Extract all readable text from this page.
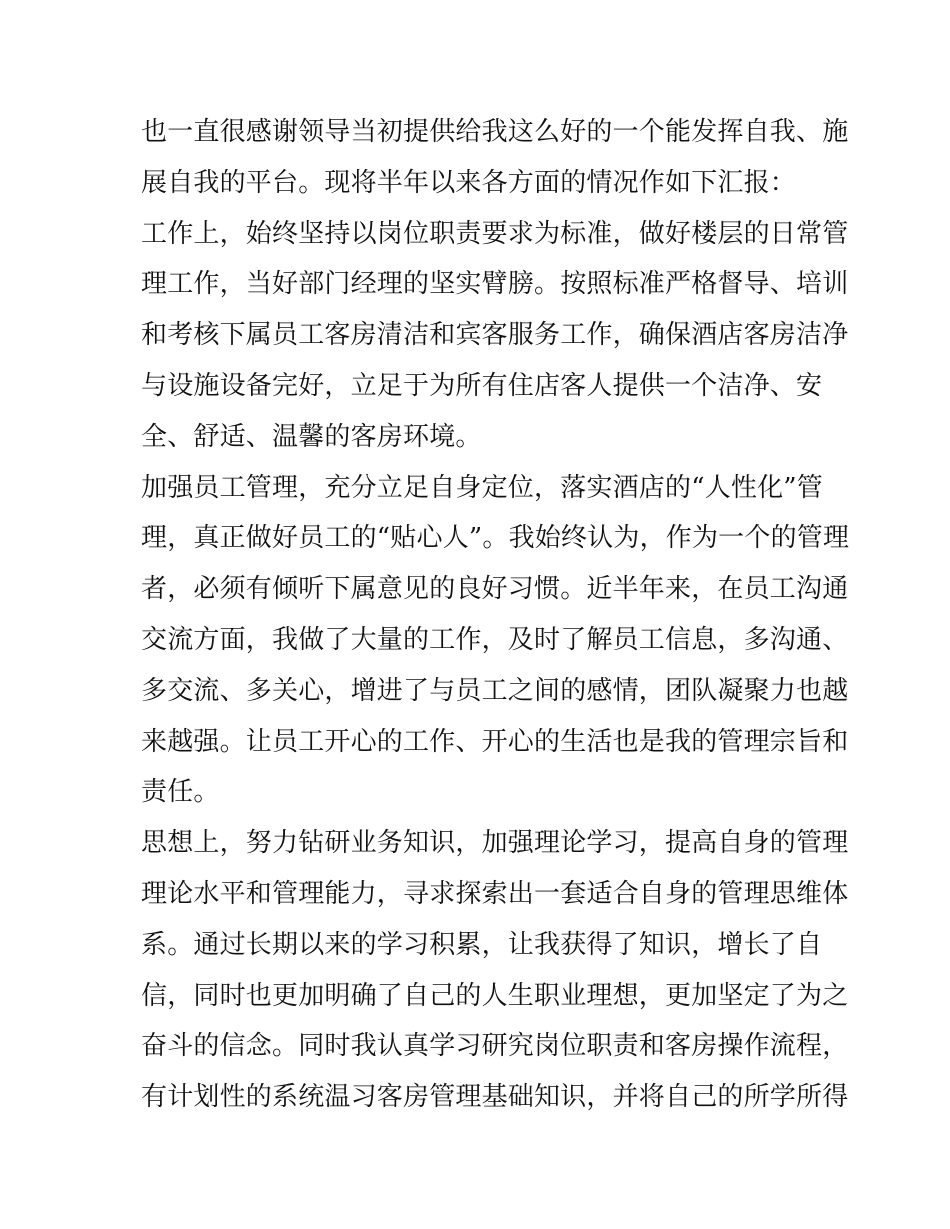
也一直很感谢领导当初提供给我这么好的一个能发挥自我、施
展自我的平台。现将半年以来各方面的情况作如下汇报：
工作上，始终坚持以岗位职责要求为标准，做好楼层的日常管
理工作，当好部门经理的坚实臂膀。按照标准严格督导、培训
和考核下属员工客房清洁和宾客服务工作，确保酒店客房洁净
与设施设备完好，立足于为所有住店客人提供一个洁净、安
全、舒适、温馨的客房环境。
加强员工管理，充分立足自身定位，落实酒店的“人性化”管
理，真正做好员工的“贴心人”。我始终认为，作为一个的管理
者，必须有倾听下属意见的良好习惯。近半年来，在员工沟通
交流方面，我做了大量的工作，及时了解员工信息，多沟通、
多交流、多关心，增进了与员工之间的感情，团队凝聚力也越
来越强。让员工开心的工作、开心的生活也是我的管理宗旨和
责任。
思想上，努力钻研业务知识，加强理论学习，提高自身的管理
理论水平和管理能力，寻求探索出一套适合自身的管理思维体
系。通过长期以来的学习积累，让我获得了知识，增长了自
信，同时也更加明确了自己的人生职业理想，更加坚定了为之
奋斗的信念。同时我认真学习研究岗位职责和客房操作流程，
有计划性的系统温习客房管理基础知识，并将自己的所学所得
